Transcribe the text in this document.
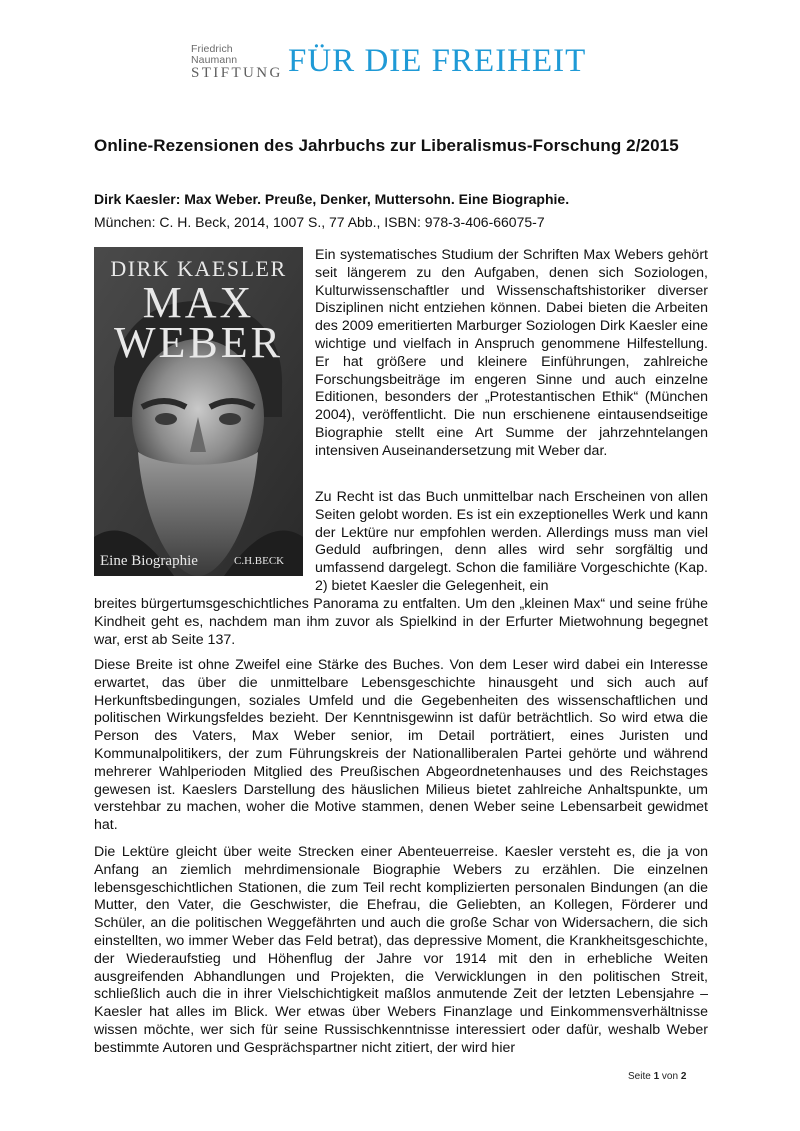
Friedrich Naumann
STIFTUNG FÜR DIE FREIHEIT
Online-Rezensionen des Jahrbuchs zur Liberalismus-Forschung 2/2015
Dirk Kaesler: Max Weber. Preuße, Denker, Muttersohn. Eine Biographie.
München: C. H. Beck, 2014, 1007 S., 77 Abb., ISBN: 978-3-406-66075-7
DIRK KAESLER
MAX
WEBER
Eine Biographie	C.H.BECK
Ein systematisches Studium der Schriften Max Webers gehört seit längerem zu den Aufgaben, denen sich Soziologen, Kulturwissenschaftler und Wissenschaftshistoriker diverser Disziplinen nicht entziehen können. Dabei bieten die Arbeiten des 2009 emeritierten Marburger Soziologen Dirk Kaesler eine wichtige und vielfach in Anspruch genommene Hilfestellung. Er hat größere und kleinere Einführungen, zahlreiche Forschungsbeiträge im engeren Sinne und auch einzelne Editionen, besonders der „Protestantischen Ethik“ (München 2004), veröffentlicht. Die nun erschienene eintausendseitige Biographie stellt eine Art Summe der jahrzehntelangen intensiven Auseinandersetzung mit Weber dar.
Zu Recht ist das Buch unmittelbar nach Erscheinen von allen Seiten gelobt worden. Es ist ein exzeptionelles Werk und kann der Lektüre nur empfohlen werden. Allerdings muss man viel Geduld aufbringen, denn alles wird sehr sorgfältig und umfassend dargelegt. Schon die familiäre Vorgeschichte (Kap. 2) bietet Kaesler die Gelegenheit, ein
breites bürgertumsgeschichtliches Panorama zu entfalten. Um den „kleinen Max“ und seine frühe Kindheit geht es, nachdem man ihm zuvor als Spielkind in der Erfurter Mietwohnung begegnet war, erst ab Seite 137.
Diese Breite ist ohne Zweifel eine Stärke des Buches. Von dem Leser wird dabei ein Interesse erwartet, das über die unmittelbare Lebensgeschichte hinausgeht und sich auch auf Herkunftsbedingungen, soziales Umfeld und die Gegebenheiten des wissenschaftlichen und politischen Wirkungsfeldes bezieht. Der Kenntnisgewinn ist dafür beträchtlich. So wird etwa die Person des Vaters, Max Weber senior, im Detail porträtiert, eines Juristen und Kommunalpolitikers, der zum Führungskreis der Nationalliberalen Partei gehörte und während mehrerer Wahlperioden Mitglied des Preußischen Abgeordnetenhauses und des Reichstages gewesen ist. Kaeslers Darstellung des häuslichen Milieus bietet zahlreiche Anhaltspunkte, um verstehbar zu machen, woher die Motive stammen, denen Weber seine Lebensarbeit gewidmet hat.
Die Lektüre gleicht über weite Strecken einer Abenteuerreise. Kaesler versteht es, die ja von Anfang an ziemlich mehrdimensionale Biographie Webers zu erzählen. Die einzelnen lebensgeschichtlichen Stationen, die zum Teil recht komplizierten personalen Bindungen (an die Mutter, den Vater, die Geschwister, die Ehefrau, die Geliebten, an Kollegen, Förderer und Schüler, an die politischen Weggefährten und auch die große Schar von Widersachern, die sich einstellten, wo immer Weber das Feld betrat), das depressive Moment, die Krankheitsgeschichte, der Wiederaufstieg und Höhenflug der Jahre vor 1914 mit den in erhebliche Weiten ausgreifenden Abhandlungen und Projekten, die Verwicklungen in den politischen Streit, schließlich auch die in ihrer Vielschichtigkeit maßlos anmutende Zeit der letzten Lebensjahre – Kaesler hat alles im Blick. Wer etwas über Webers Finanzlage und Einkommensverhältnisse wissen möchte, wer sich für seine Russischkenntnisse interessiert oder dafür, weshalb Weber bestimmte Autoren und Gesprächspartner nicht zitiert, der wird hier
Seite 1 von 2
